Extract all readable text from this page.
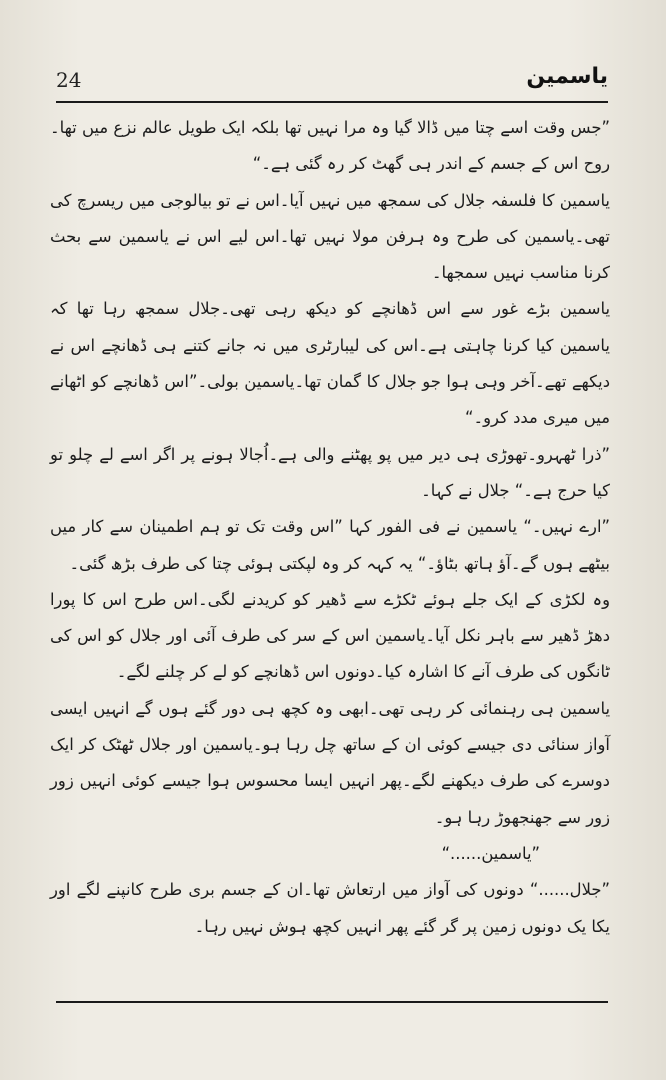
24	یاسمین

”جس وقت اسے چتا میں ڈالا گیا وہ مرا نہیں تھا بلکہ ایک طویل عالم نزع میں تھا۔روح اس کے جسم کے اندر ہی گھٹ کر رہ گئی ہے۔“

یاسمین کا فلسفہ جلال کی سمجھ میں نہیں آیا۔اس نے تو بیالوجی میں ریسرچ کی تھی۔یاسمین کی طرح وہ ہرفن مولا نہیں تھا۔اس لیے اس نے یاسمین سے بحث کرنا مناسب نہیں سمجھا۔

یاسمین بڑے غور سے اس ڈھانچے کو دیکھ رہی تھی۔جلال سمجھ رہا تھا کہ یاسمین کیا کرنا چاہتی ہے۔اس کی لیبارٹری میں نہ جانے کتنے ہی ڈھانچے اس نے دیکھے تھے۔آخر وہی ہوا جو جلال کا گمان تھا۔یاسمین بولی۔”اس ڈھانچے کو اٹھانے میں میری مدد کرو۔“

”ذرا ٹھہرو۔تھوڑی ہی دیر میں پو پھٹنے والی ہے۔اُجالا ہونے پر اگر اسے لے چلو تو کیا حرج ہے۔“ جلال نے کہا۔

”ارے نہیں۔“ یاسمین نے فی الفور کہا ”اس وقت تک تو ہم اطمینان سے کار میں بیٹھے ہوں گے۔آؤ ہاتھ بٹاؤ۔“ یہ کہہ کر وہ لپکتی ہوئی چتا کی طرف بڑھ گئی۔

وہ لکڑی کے ایک جلے ہوئے ٹکڑے سے ڈھیر کو کریدنے لگی۔اس طرح اس کا پورا دھڑ ڈھیر سے باہر نکل آیا۔یاسمین اس کے سر کی طرف آئی اور جلال کو اس کی ٹانگوں کی طرف آنے کا اشارہ کیا۔دونوں اس ڈھانچے کو لے کر چلنے لگے۔

یاسمین ہی رہنمائی کر رہی تھی۔ابھی وہ کچھ ہی دور گئے ہوں گے انہیں ایسی آواز سنائی دی جیسے کوئی ان کے ساتھ چل رہا ہو۔یاسمین اور جلال ٹھٹک کر ایک دوسرے کی طرف دیکھنے لگے۔پھر انہیں ایسا محسوس ہوا جیسے کوئی انہیں زور زور سے جھنجھوڑ رہا ہو۔

”یاسمین......“

”جلال......“ دونوں کی آواز میں ارتعاش تھا۔ان کے جسم بری طرح کانپنے لگے اور یکا یک دونوں زمین پر گر گئے پھر انہیں کچھ ہوش نہیں رہا۔
